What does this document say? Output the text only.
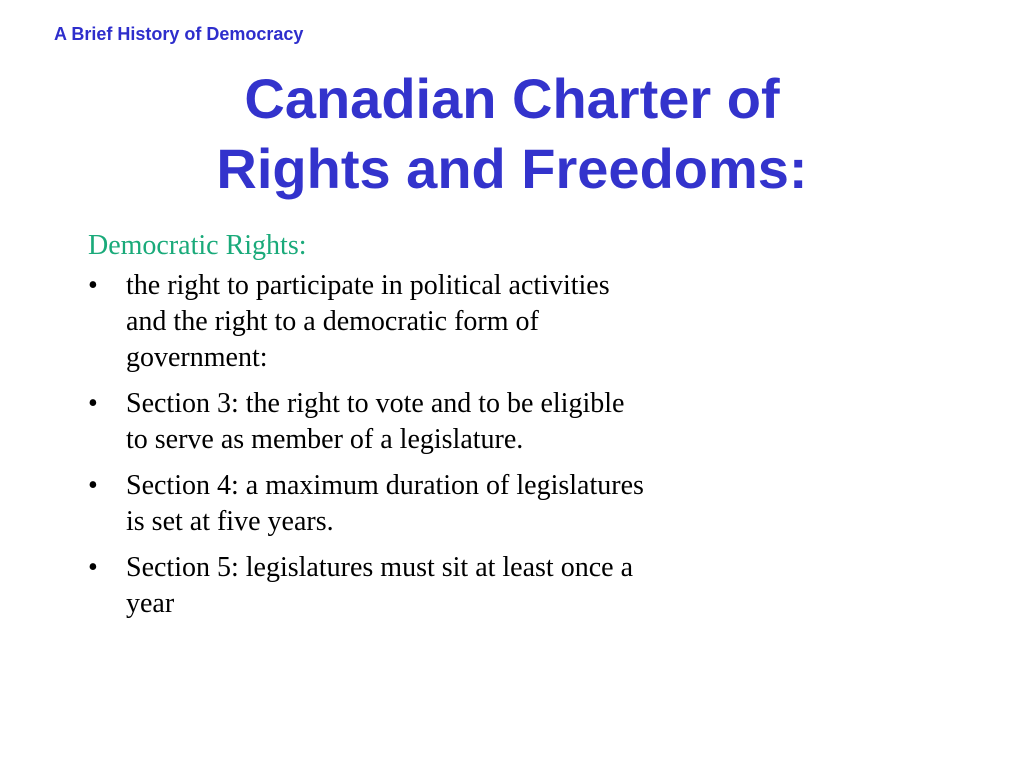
A Brief History of Democracy
Canadian Charter of
Rights and Freedoms:
Democratic Rights:
• the right to participate in political activities and the right to a democratic form of government:
• Section 3: the right to vote and to be eligible to serve as member of a legislature.
• Section 4: a maximum duration of legislatures is set at five years.
• Section 5: legislatures must sit at least once a year
